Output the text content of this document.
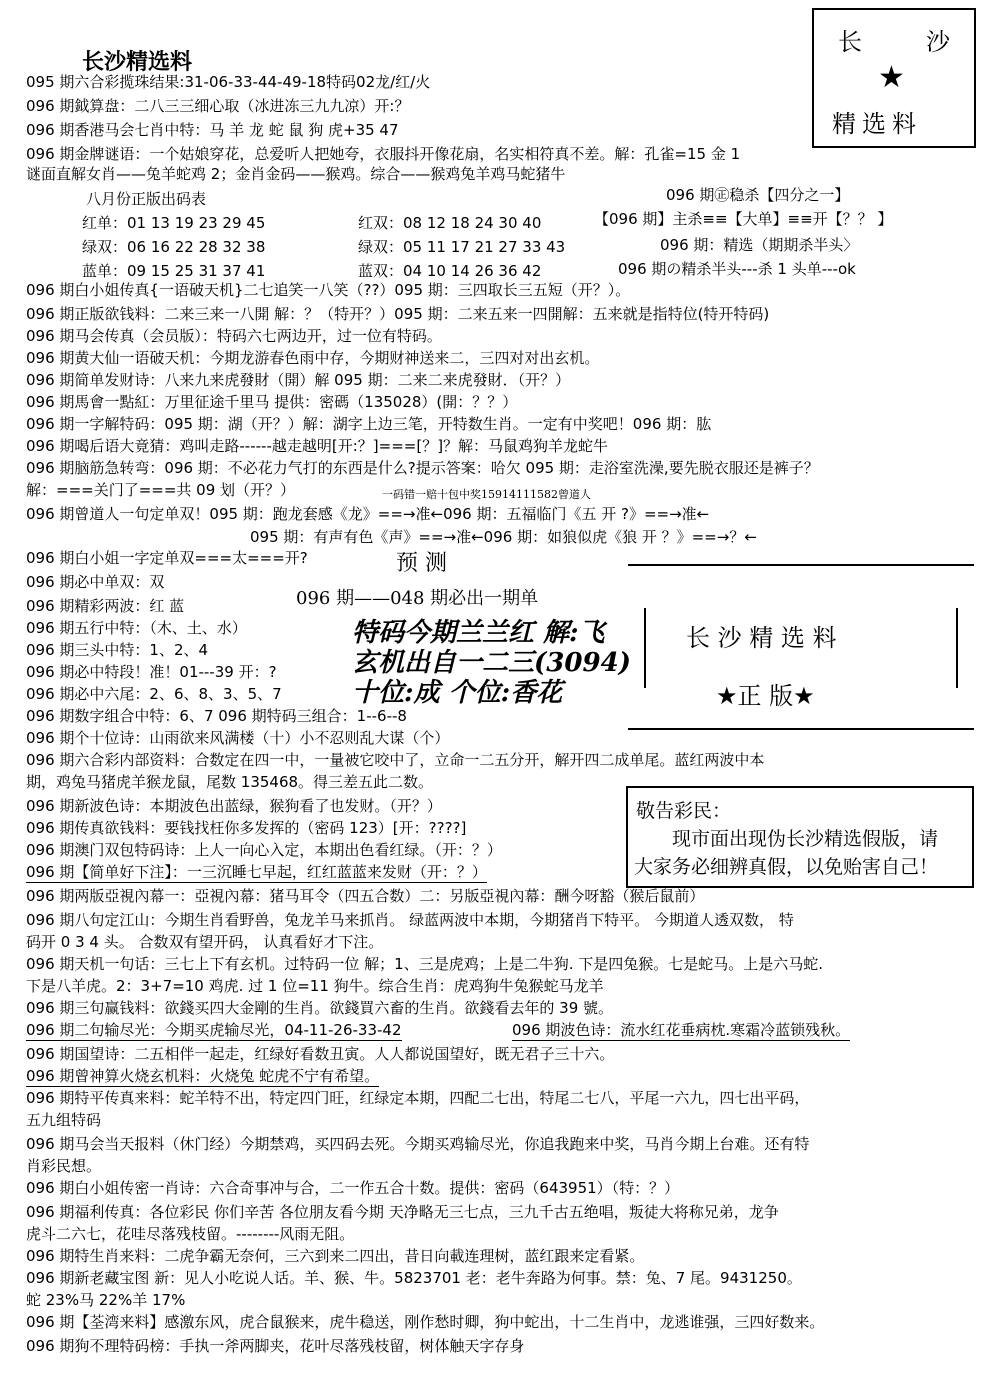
长沙精选料
长	沙
★
精选料
095 期六合彩揽珠结果:31-06-33-44-49-18特码02龙/红/火
096 期鉞算盘：二八三三细心取（冰进冻三九九凉）开:？
096 期香港马会七肖中特：马 羊 龙 蛇 鼠 狗 虎+35 47
096 期金牌谜语：一个姑娘穿花，总爱听人把她夸，衣服抖开像花扇，名实相符真不差。解：孔雀=15 金 1
谜面直解女肖——兔羊蛇鸡 2；金肖金码——猴鸡。综合——猴鸡兔羊鸡马蛇猪牛
八月份正版出码表
红单：01 13 19 23 29 45	红双：08 12 18 24 30 40
绿双：06 16 22 28 32 38	绿双：05 11 17 21 27 33 43
蓝单：09 15 25 31 37 41	蓝双：04 10 14 26 36 42
096 期㊣稳杀【四分之一】
【096 期】主杀≡≡【大单】≡≡开【？？ 】
096 期：精选（期期杀半头〉
096 期の精杀半头---杀 1 头单---ok
096 期白小姐传真{一语破天机}二七追笑一八笑（??）095 期：三四取长三五短（开？）。
096 期正版欲钱料：二来三来一八開 解：？（特开？）095 期：二来五来一四開解：五来就是指特位(特开特码)
096 期马会传真（会员版）：特码六七两边开，过一位有特码。
096 期黄大仙一语破天机：今期龙游春色雨中存，今期财神送来二，三四对对出玄机。
096 期简单发财诗：八来九来虎發財（開）解 095 期：二来二来虎發財．（开？）
096 期馬會一點紅：万里征途千里马 提供：密碼（135028）(開：？？）
096 期一字解特码：095 期：湖（开？）解：湖字上边三笔，开特数生肖。一定有中奖吧！096 期：肱
096 期喝后语大竟猜：鸡叫走路------越走越明[开:？]===[？]？解：马鼠鸡狗羊龙蛇牛
096 期脑筋急转弯：096 期：不必花力气打的东西是什么?提示答案：哈欠 095 期：走浴室洗澡,要先脱衣服还是裤子？
解：===关门了===共 09 划（开？）	一码错一赔十包中奖15914111582曾道人
096 期曾道人一句定单双！095 期：跑龙套感《龙》==→准←096 期：五福临门《五 开 ?》==→准←
095 期：有声有色《声》==→准←096 期：如狼似虎《狼 开 ？》==→？←
096 期白小姐一字定单双===太===开?
096 期必中单双：双
096 期精彩两波：红 蓝
096 期五行中特：（木、土、水）
096 期三头中特：1、2、4
096 期必中特段！准！01---39 开：?
096 期必中六尾：2、6、8、3、5、7
096 期数字组合中特：6、7 096 期特码三组合：1--6--8
预 测
096 期——048 期必出一期单
特码今期兰兰红 解:飞
玄机出自一二三(3094)
十位:成 个位:香花
长 沙 精 选 料
★正 版★
敬告彩民：
现市面出现伪长沙精选假版，请
大家务必细辨真假，以免贻害自己！
096 期个十位诗：山雨欲来风满楼（十）小不忍则乱大谋（个）
096 期六合彩内部资料：合数定在四一中，一量被它咬中了，立命一二五分开，解开四二成单尾。蓝红两波中本
期，鸡兔马猪虎羊猴龙鼠，尾数 135468。得三差五此二数。
096 期新波色诗：本期波色出蓝绿，猴狗看了也发财。（开？）
096 期传真欲钱料：要钱找枉你多发挥的（密码 123）[开：????]
096 期澳门双包特码诗：上人一向心入定，本期出色看红绿。（开：？）
096 期【简单好下注】：一三沉睡七早起，红红蓝蓝来发财（开：？）
096 期两版亞視內幕一：亞視內幕：猪马耳令（四五合数）二：另版亞視內幕：酬今呀豁（猴后鼠前）
096 期八句定江山：今期生肖看野兽，兔龙羊马来抓肖。 绿蓝两波中本期，今期猪肖下特平。 今期道人透双数， 特
码开 0 3 4 头。 合数双有望开码， 认真看好才下注。
096 期天机一句话：三七上下有玄机。过特码一位 解；1、三是虎鸡；上是二牛狗. 下是四兔猴。七是蛇马。上是六马蛇.
下是八羊虎。2：3+7=10 鸡虎. 过 1 位=11 狗牛。综合生肖：虎鸡狗牛兔猴蛇马龙羊
096 期三句赢钱料：欲錢买四大金剛的生肖。欲錢買六畜的生肖。欲錢看去年的 39 號。
096 期二句输尽光：今期买虎输尽光，04-11-26-33-42	096 期波色诗：流水红花垂病枕.寒霜冷蓝锁残秋。
096 期国望诗：二五相伴一起走，红绿好看数丑寅。人人都说国望好，既无君子三十六。
096 期曾神算火烧玄机料：火烧兔 蛇虎不宁有希望。
096 期特平传真来料：蛇羊特不出，特定四门旺，红绿定本期，四配二七出，特尾二七八，平尾一六九，四七出平码，
五九组特码
096 期马会当天报料（休门经）今期禁鸡，买四码去死。今期买鸡输尽光，你追我跑来中奖，马肖今期上台难。还有特
肖彩民想。
096 期白小姐传密一肖诗：六合奇事冲与合，二一作五合十数。提供：密码（643951）（特：？）
096 期福利传真：各位彩民 你们辛苦 各位朋友看今期 天净略无三七点，三九千古五绝唱，叛徒大将称兄弟，龙争
虎斗二六七，花哇尽落残枝留。--------风雨无阻。
096 期特生肖来料：二虎争霸无奈何，三六到来二四出，昔日向載连理树，蓝红跟来定看紧。
096 期新老藏宝图 新：见人小吃说人话。羊、猴、牛。5823701 老：老牛奔路为何事。禁：兔、7 尾。9431250。
蛇 23%马 22%羊 17%
096 期【荃湾来料】感激东风，虎合鼠猴来，虎牛稳送，刚作愁时卿，狗中蛇出，十二生肖中，龙逃谁强，三四好数来。
096 期狗不理特码榜：手执一斧两脚夹，花叶尽落残枝留，树体触天字存身
